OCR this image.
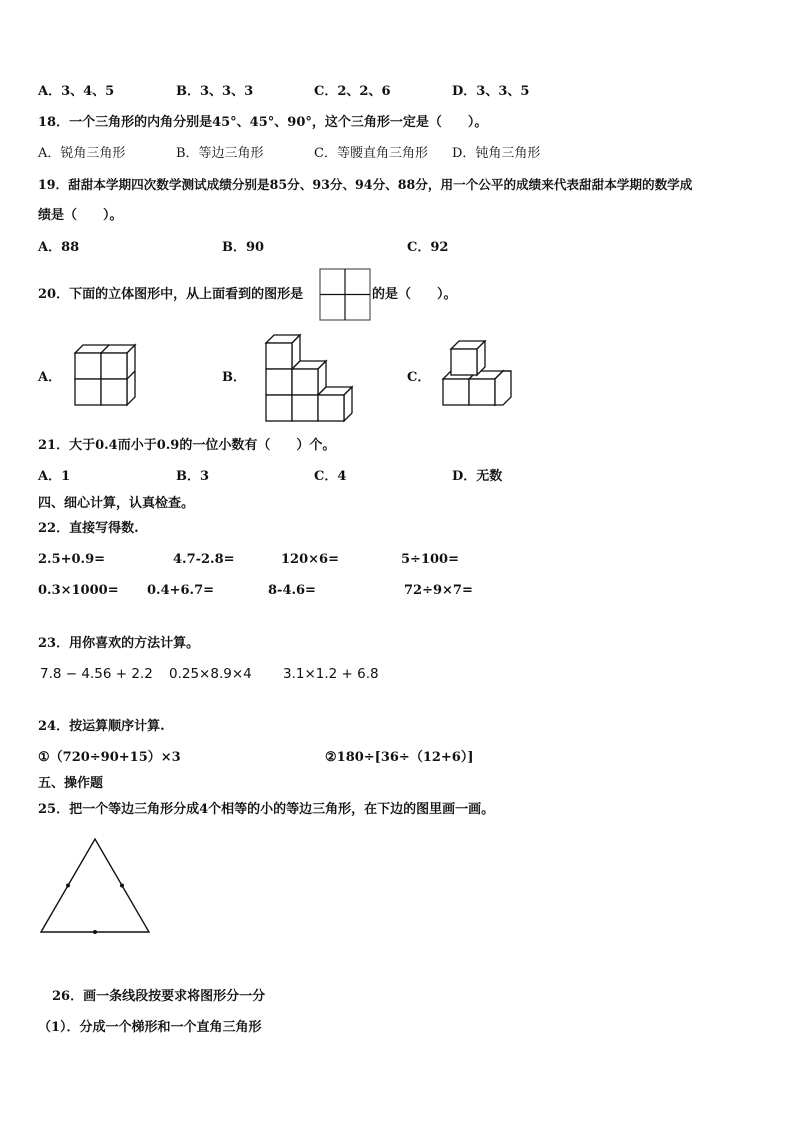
A．3、4、5	B．3、3、3	C．2、2、6	D．3、3、5
18．一个三角形的内角分别是45°、45°、90°，这个三角形一定是（　　）。
A．锐角三角形	B．等边三角形	C．等腰直角三角形 D．钝角三角形
19．甜甜本学期四次数学测试成绩分别是85分、93分、94分、88分，用一个公平的成绩来代表甜甜本学期的数学成
绩是（　　）。
A．88	B．90	C．92
20．下面的立体图形中，从上面看到的图形是	的是（　　）。
A．	B．	C．
21．大于0.4而小于0.9的一位小数有（　　）个。
A．1	B．3	C．4	D．无数
四、细心计算，认真检查。
22．直接写得数.
2.5+0.9=	4.7-2.8=	120×6=	5÷100=
0.3×1000= 0.4+6.7=	8-4.6=	72÷9×7=
23．用你喜欢的方法计算。
7.8 − 4.56 + 2.2 0.25×8.9×4 3.1×1.2 + 6.8
24．按运算顺序计算.
①（720÷90+15）×3	②180÷[36÷（12+6）]
五、操作题
25．把一个等边三角形分成4个相等的小的等边三角形，在下边的图里画一画。
26．画一条线段按要求将图形分一分
（1）．分成一个梯形和一个直角三角形
